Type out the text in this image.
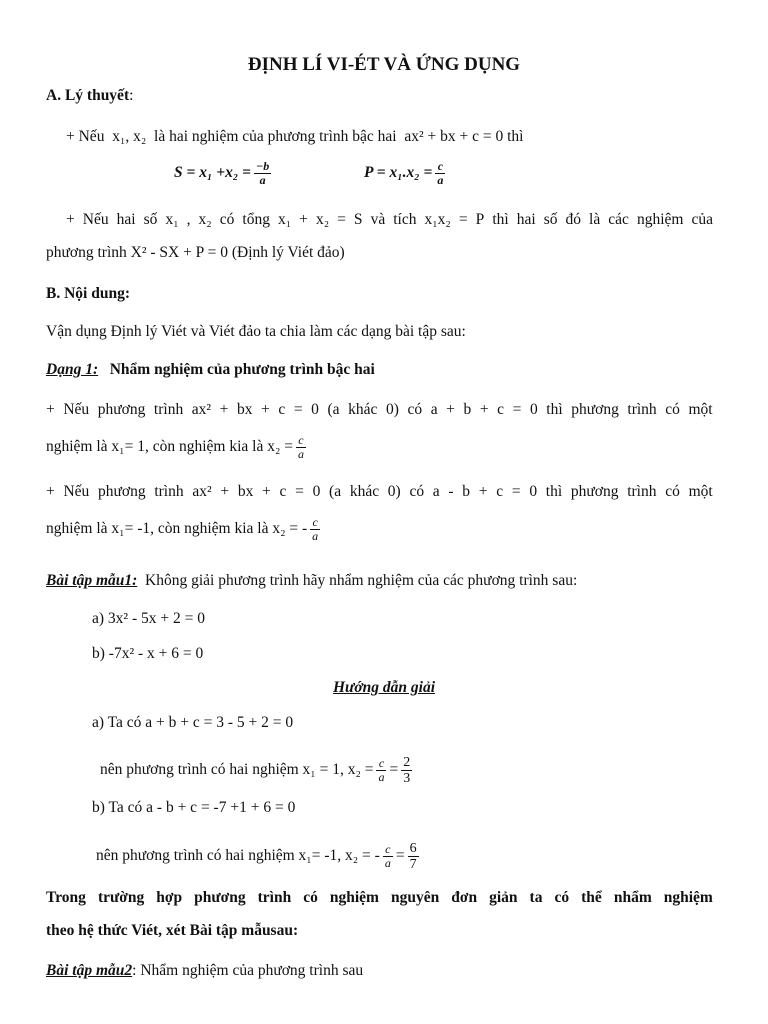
ĐỊNH LÍ VI-ÉT VÀ ỨNG DỤNG
A. Lý thuyết:
+ Nếu x₁, x₂ là hai nghiệm của phương trình bậc hai ax² + bx + c = 0 thì
$S = x_1 +x_2 = \frac{-b}{a}$	$P = x_1.x_2 = \frac{c}{a}$
+ Nếu hai số x₁ , x₂ có tổng x₁ + x₂ = S và tích x₁x₂ = P thì hai số đó là các nghiệm của
phương trình X² - SX + P = 0 (Định lý Viét đảo)
B. Nội dung:
Vận dụng Định lý Viét và Viét đảo ta chia làm các dạng bài tập sau:
Dạng 1: Nhẩm nghiệm của phương trình bậc hai
+ Nếu phương trình ax² + bx + c = 0 (a khác 0) có a + b + c = 0 thì phương trình có một
nghiệm là x₁= 1, còn nghiệm kia là $x_2 = \frac{c}{a}$
+ Nếu phương trình ax² + bx + c = 0 (a khác 0) có a - b + c = 0 thì phương trình có một
nghiệm là x₁= -1, còn nghiệm kia là x₂ = - $\frac{c}{a}$
Bài tập mẫu1: Không giải phương trình hãy nhẩm nghiệm của các phương trình sau:
a) 3x² - 5x + 2 = 0
b) -7x² - x + 6 = 0
Hướng dẫn giải
a) Ta có a + b + c = 3 - 5 + 2 = 0
nên phương trình có hai nghiệm x₁ = 1, $x_2 = \frac{c}{a} = \frac{2}{3}$
b) Ta có a - b + c = -7 +1 + 6 = 0
nên phương trình có hai nghiệm x₁= -1, x₂ = - $\frac{c}{a} = \frac{6}{7}$
Trong trường hợp phương trình có nghiệm nguyên đơn giản ta có thể nhẩm nghiệm
theo hệ thức Viét, xét Bài tập mẫusau:
Bài tập mẫu2: Nhẩm nghiệm của phương trình sau
